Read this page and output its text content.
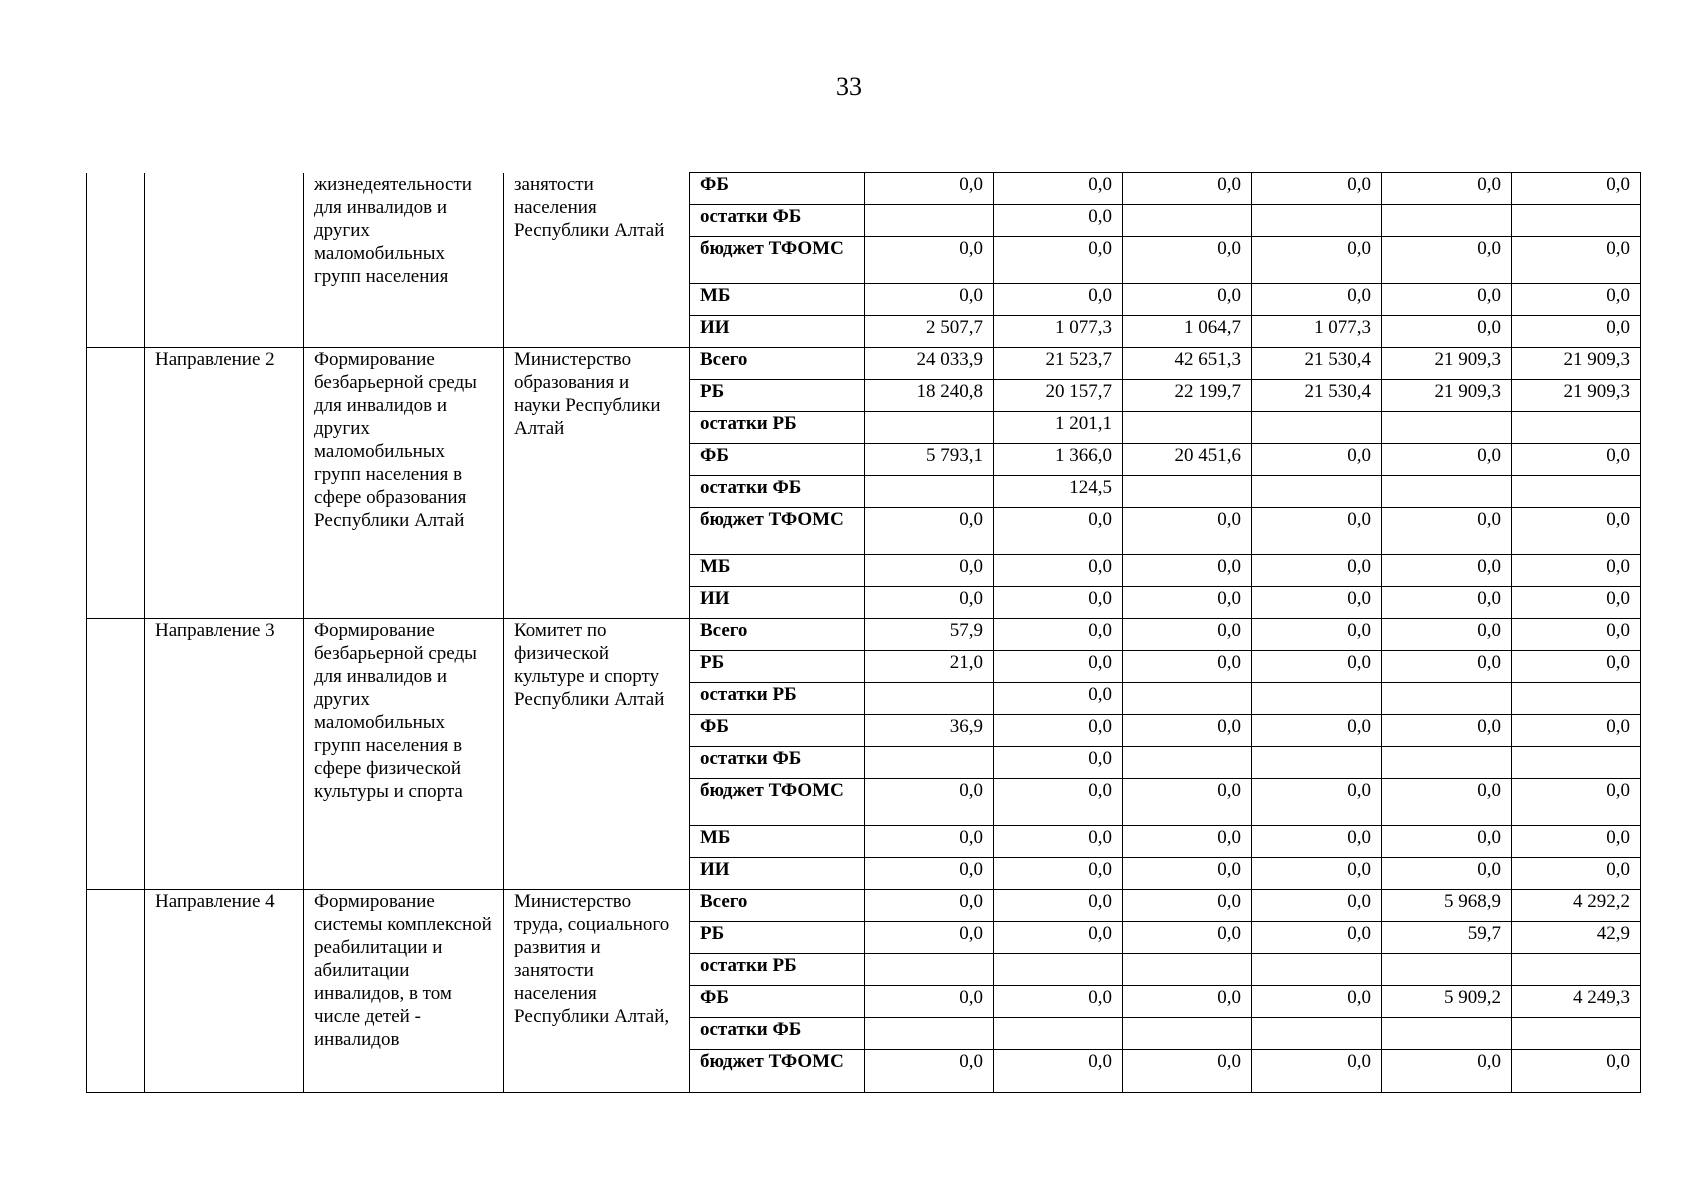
33
		жизнедеятельности для инвалидов и других маломобильных групп населения	занятости населения Республики Алтай	ФБ	0,0	0,0	0,0	0,0	0,0	0,0
				остатки ФБ		0,0				
				бюджет ТФОМС	0,0	0,0	0,0	0,0	0,0	0,0
				МБ	0,0	0,0	0,0	0,0	0,0	0,0
				ИИ	2 507,7	1 077,3	1 064,7	1 077,3	0,0	0,0
	Направление 2	Формирование безбарьерной среды для инвалидов и других маломобильных групп населения в сфере образования Республики Алтай	Министерство образования и науки Республики Алтай	Всего	24 033,9	21 523,7	42 651,3	21 530,4	21 909,3	21 909,3
				РБ	18 240,8	20 157,7	22 199,7	21 530,4	21 909,3	21 909,3
				остатки РБ		1 201,1				
				ФБ	5 793,1	1 366,0	20 451,6	0,0	0,0	0,0
				остатки ФБ		124,5				
				бюджет ТФОМС	0,0	0,0	0,0	0,0	0,0	0,0
				МБ	0,0	0,0	0,0	0,0	0,0	0,0
				ИИ	0,0	0,0	0,0	0,0	0,0	0,0
	Направление 3	Формирование безбарьерной среды для инвалидов и других маломобильных групп населения в сфере физической культуры и спорта	Комитет по физической культуре и спорту Республики Алтай	Всего	57,9	0,0	0,0	0,0	0,0	0,0
				РБ	21,0	0,0	0,0	0,0	0,0	0,0
				остатки РБ		0,0				
				ФБ	36,9	0,0	0,0	0,0	0,0	0,0
				остатки ФБ		0,0				
				бюджет ТФОМС	0,0	0,0	0,0	0,0	0,0	0,0
				МБ	0,0	0,0	0,0	0,0	0,0	0,0
				ИИ	0,0	0,0	0,0	0,0	0,0	0,0
	Направление 4	Формирование системы комплексной реабилитации и абилитации инвалидов, в том числе детей - инвалидов	Министерство труда, социального развития и занятости населения Республики Алтай,	Всего	0,0	0,0	0,0	0,0	5 968,9	4 292,2
				РБ	0,0	0,0	0,0	0,0	59,7	42,9
				остатки РБ						
				ФБ	0,0	0,0	0,0	0,0	5 909,2	4 249,3
				остатки ФБ						
				бюджет ТФОМС	0,0	0,0	0,0	0,0	0,0	0,0
